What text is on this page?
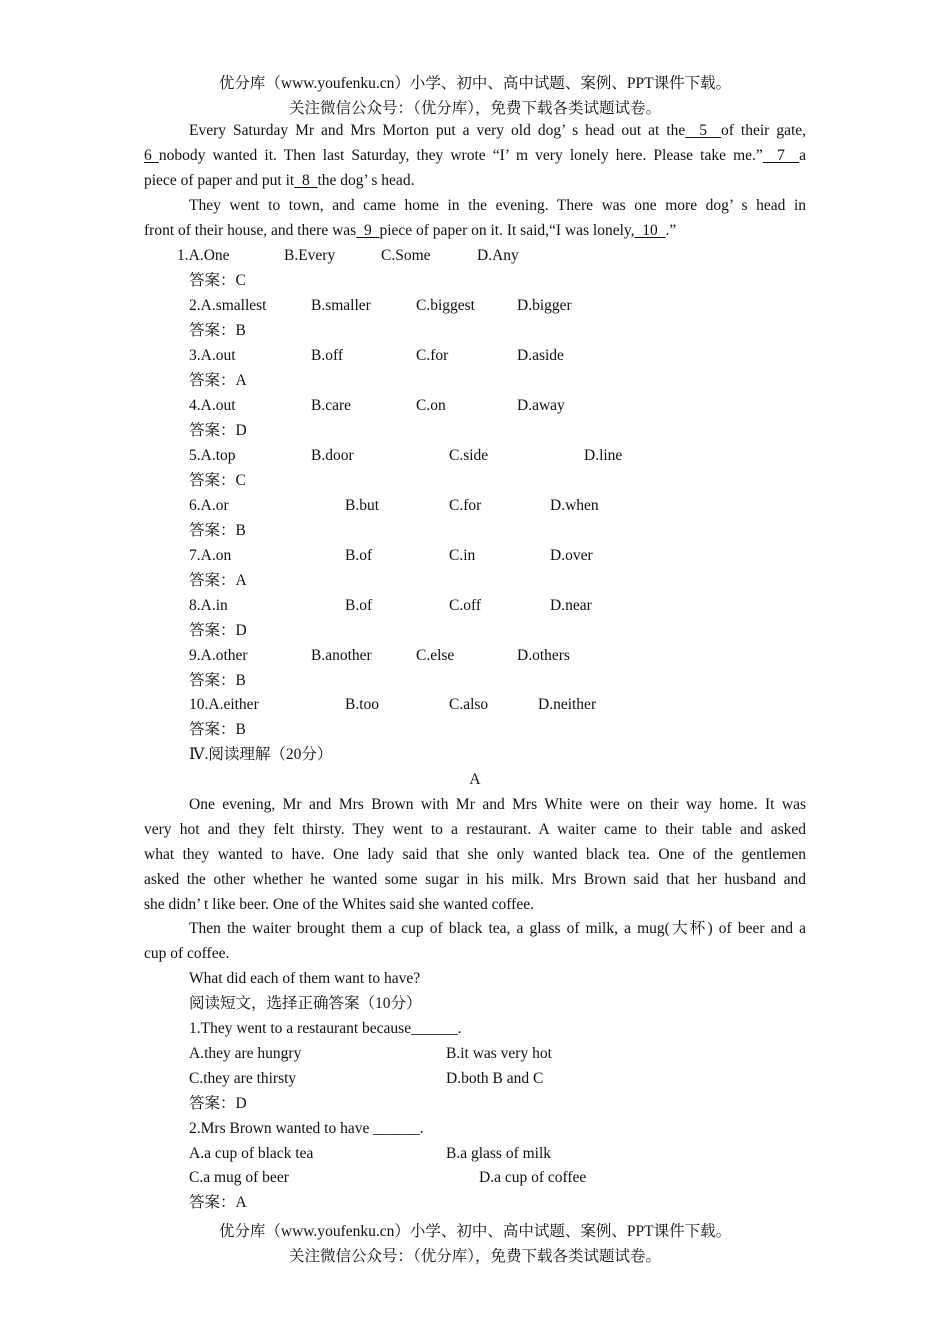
优分库（www.youfenku.cn）小学、初中、高中试题、案例、PPT课件下载。
关注微信公众号：（优分库），免费下载各类试题试卷。
Every Saturday Mr and Mrs Morton put a very old dog’ s head out at the  5  of their gate,
6 nobody wanted it. Then last Saturday, they wrote “I’ m very lonely here. Please take me.”  7  a
piece of paper and put it  8  the dog’ s head.
They went to town, and came home in the evening. There was one more dog’ s head in
front of their house, and there was  9  piece of paper on it. It said,“I was lonely,  10  .”
1.A.One	B.Every	C.Some	D.Any
答案：C
2.A.smallest	B.smaller	C.biggest	D.bigger
答案：B
3.A.out	B.off	C.for	D.aside
答案：A
4.A.out	B.care	C.on	D.away
答案：D
5.A.top	B.door	C.side	D.line
答案：C
6.A.or	B.but	C.for	D.when
答案：B
7.A.on	B.of	C.in	D.over
答案：A
8.A.in	B.of	C.off	D.near
答案：D
9.A.other	B.another	C.else	D.others
答案：B
10.A.either	B.too	C.also	D.neither
答案：B
Ⅳ.阅读理解（20分）
A
One evening, Mr and Mrs Brown with Mr and Mrs White were on their way home. It was
very hot and they felt thirsty. They went to a restaurant. A waiter came to their table and asked
what they wanted to have. One lady said that she only wanted black tea. One of the gentlemen
asked the other whether he wanted some sugar in his milk. Mrs Brown said that her husband and
she didn’ t like beer. One of the Whites said she wanted coffee.
Then the waiter brought them a cup of black tea, a glass of milk, a mug(大杯) of beer and a
cup of coffee.
What did each of them want to have?
阅读短文，选择正确答案（10分）
1.They went to a restaurant because______.
A.they are hungry	B.it was very hot
C.they are thirsty	D.both B and C
答案：D
2.Mrs Brown wanted to have ______.
A.a cup of black tea	B.a glass of milk
C.a mug of beer	D.a cup of coffee
答案：A
优分库（www.youfenku.cn）小学、初中、高中试题、案例、PPT课件下载。
关注微信公众号：（优分库），免费下载各类试题试卷。
